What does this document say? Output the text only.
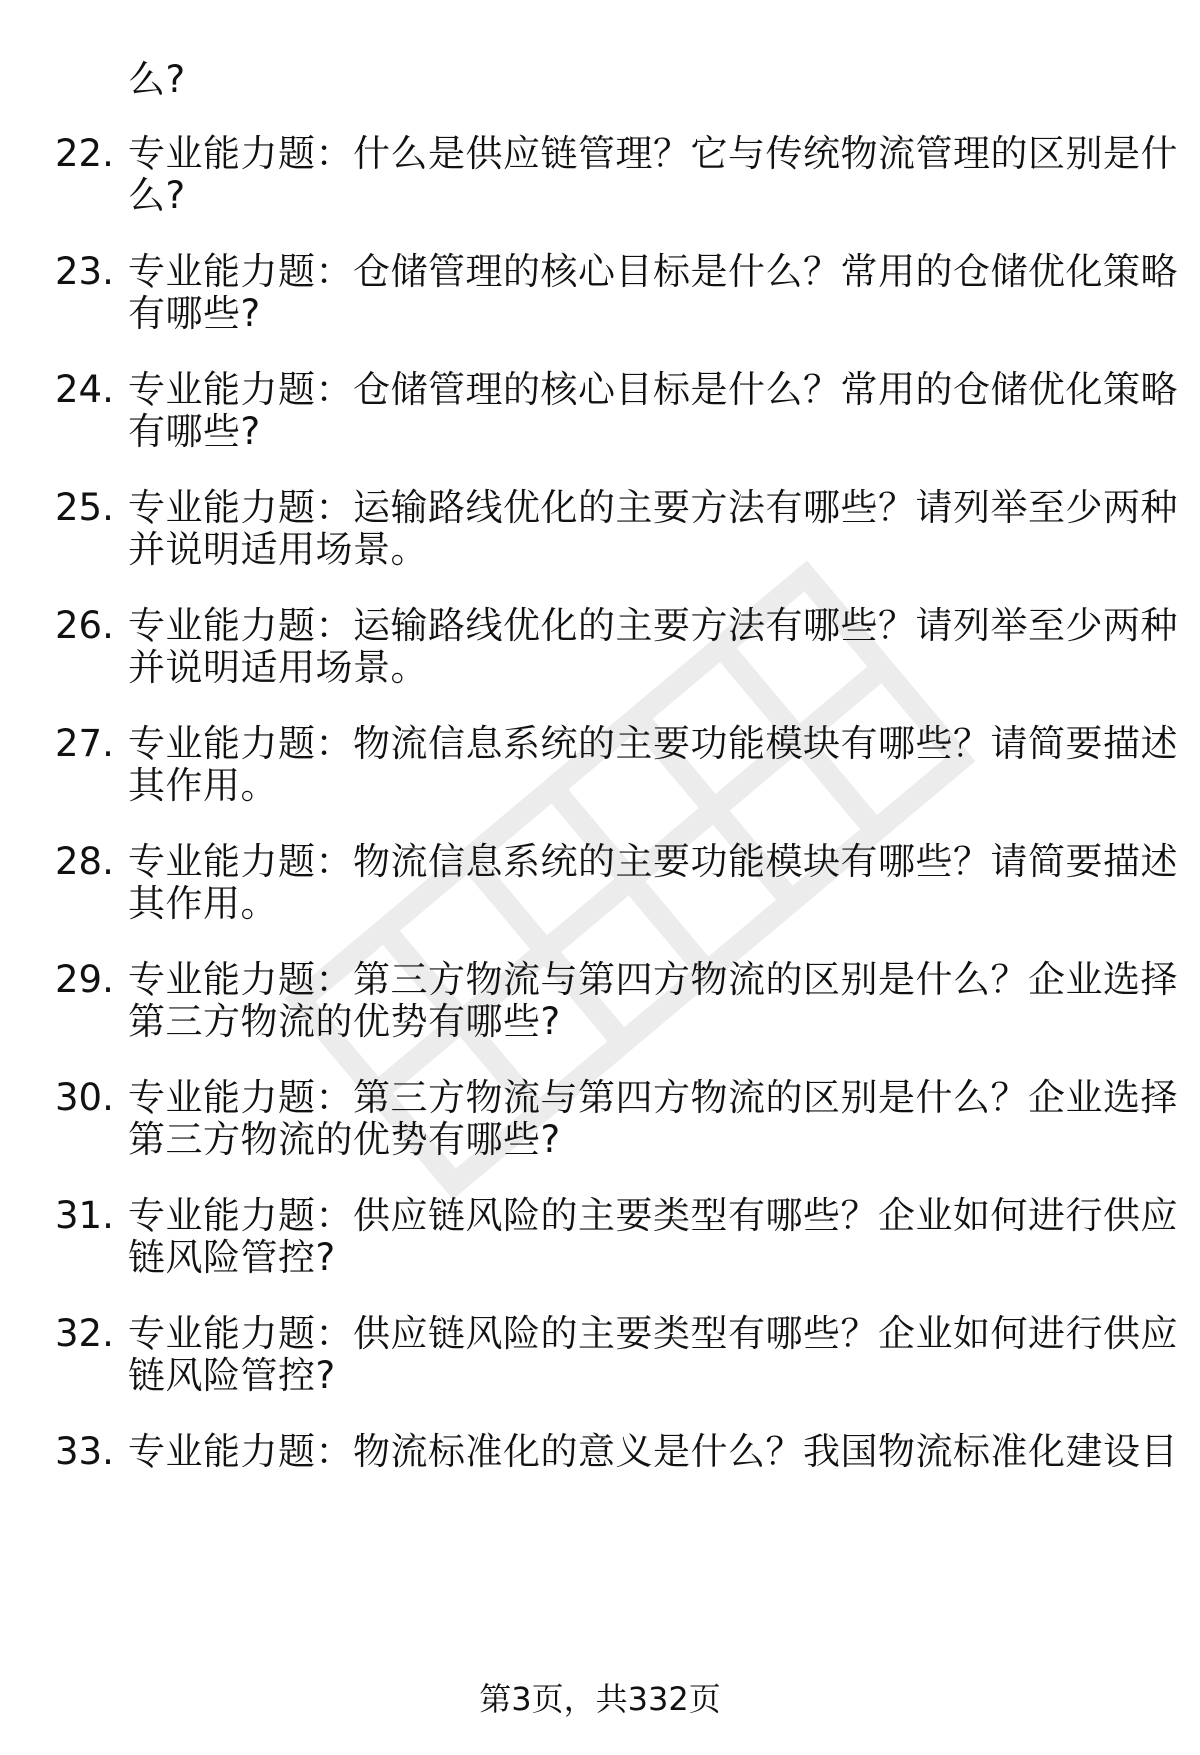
么?
22. 专业能力题：什么是供应链管理？它与传统物流管理的区别是什
么?
23. 专业能力题：仓储管理的核心目标是什么？常用的仓储优化策略
有哪些?
24. 专业能力题：仓储管理的核心目标是什么？常用的仓储优化策略
有哪些?
25. 专业能力题：运输路线优化的主要方法有哪些？请列举至少两种
并说明适用场景。
26. 专业能力题：运输路线优化的主要方法有哪些？请列举至少两种
并说明适用场景。
27. 专业能力题：物流信息系统的主要功能模块有哪些？请简要描述
其作用。
28. 专业能力题：物流信息系统的主要功能模块有哪些？请简要描述
其作用。
29. 专业能力题：第三方物流与第四方物流的区别是什么？企业选择
第三方物流的优势有哪些?
30. 专业能力题：第三方物流与第四方物流的区别是什么？企业选择
第三方物流的优势有哪些?
31. 专业能力题：供应链风险的主要类型有哪些？企业如何进行供应
链风险管控?
32. 专业能力题：供应链风险的主要类型有哪些？企业如何进行供应
链风险管控?
33. 专业能力题：物流标准化的意义是什么？我国物流标准化建设目
第3页，共332页
